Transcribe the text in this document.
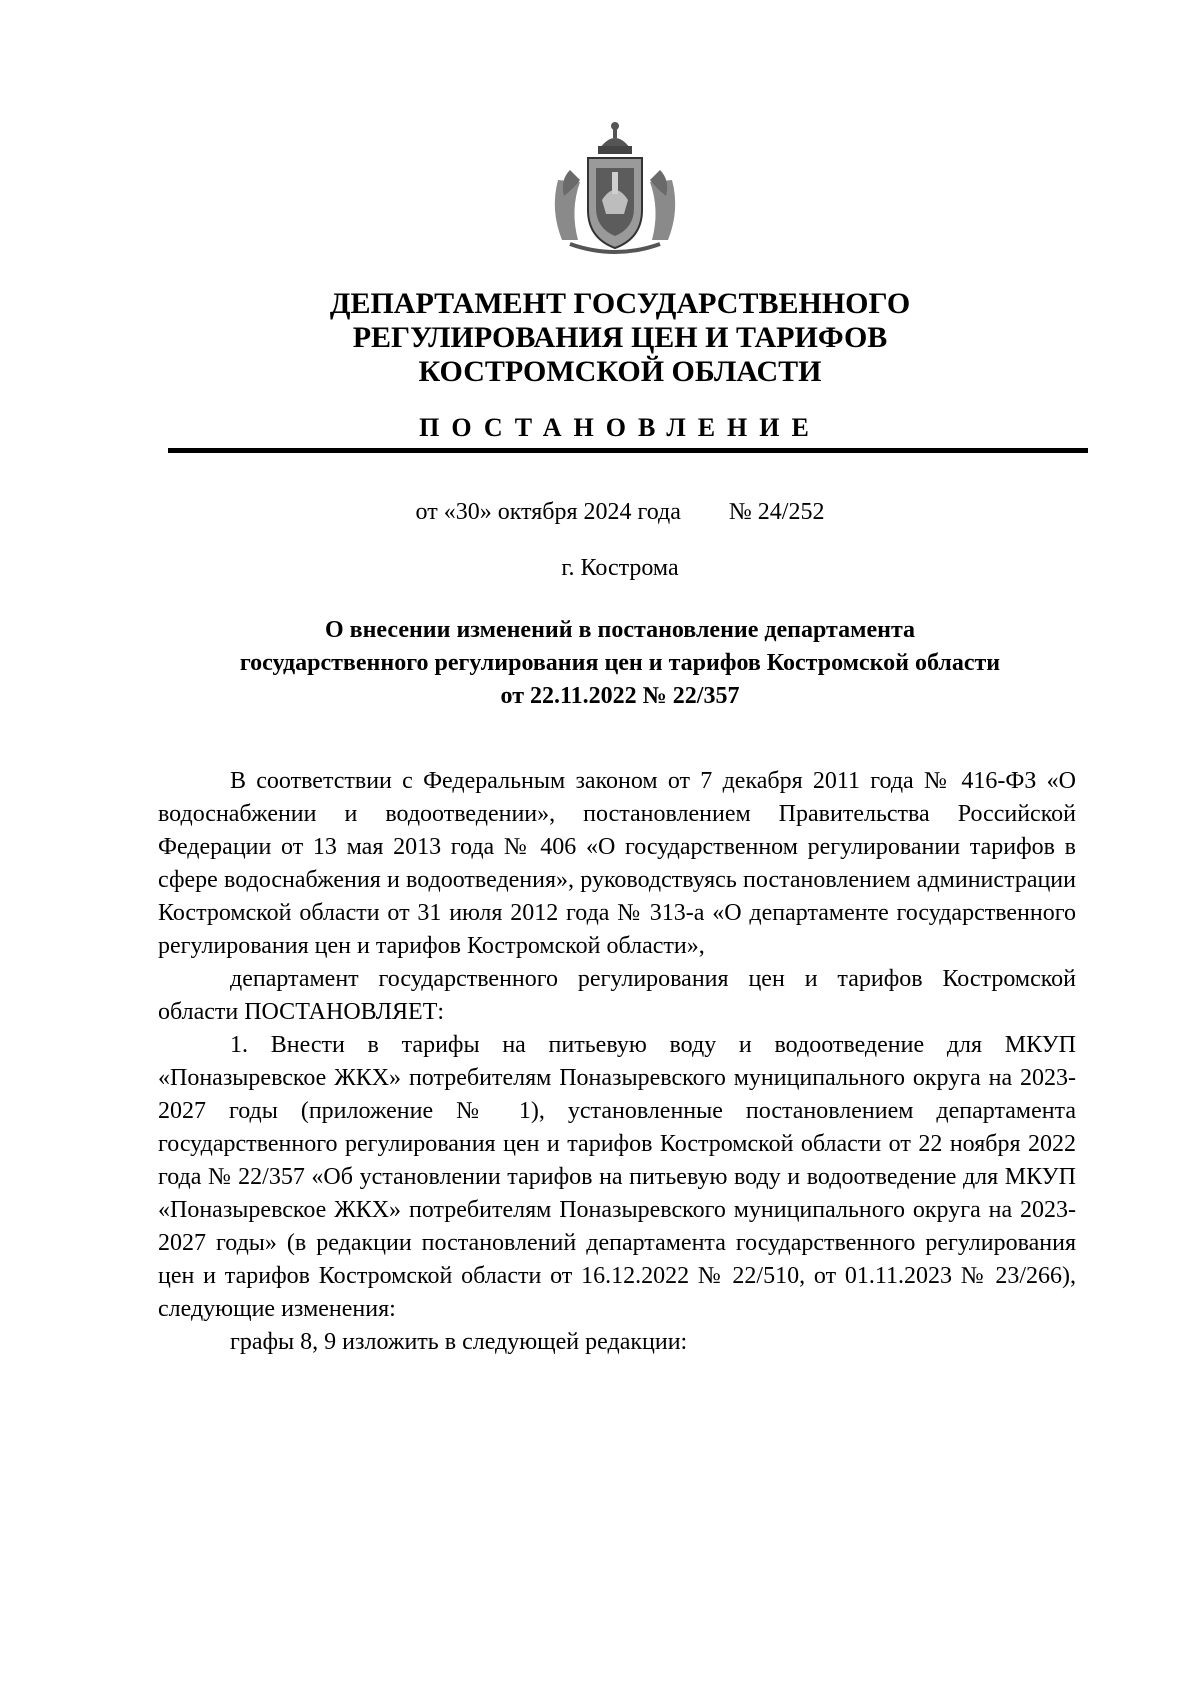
ДЕПАРТАМЕНТ ГОСУДАРСТВЕННОГО
РЕГУЛИРОВАНИЯ ЦЕН И ТАРИФОВ
КОСТРОМСКОЙ ОБЛАСТИ
ПОСТАНОВЛЕНИЕ
от «30» октября 2024 года        № 24/252
г. Кострома
О внесении изменений в постановление департамента
государственного регулирования цен и тарифов Костромской области
от 22.11.2022 № 22/357

В соответствии с Федеральным законом от 7 декабря 2011 года № 416-ФЗ «О водоснабжении и водоотведении», постановлением Правительства Российской Федерации от 13 мая 2013 года № 406 «О государственном регулировании тарифов в сфере водоснабжения и водоотведения», руководствуясь постановлением администрации Костромской области от 31 июля 2012 года № 313-а «О департаменте государственного регулирования цен и тарифов Костромской области»,

департамент государственного регулирования цен и тарифов Костромской области ПОСТАНОВЛЯЕТ:

1. Внести в тарифы на питьевую воду и водоотведение для МКУП «Поназыревское ЖКХ» потребителям Поназыревского муниципального округа на 2023-2027 годы (приложение № 1), установленные постановлением департамента государственного регулирования цен и тарифов Костромской области от 22 ноября 2022 года № 22/357 «Об установлении тарифов на питьевую воду и водоотведение для МКУП «Поназыревское ЖКХ» потребителям Поназыревского муниципального округа на 2023-2027 годы» (в редакции постановлений департамента государственного регулирования цен и тарифов Костромской области от 16.12.2022 № 22/510, от 01.11.2023 № 23/266), следующие изменения:

графы 8, 9 изложить в следующей редакции:
